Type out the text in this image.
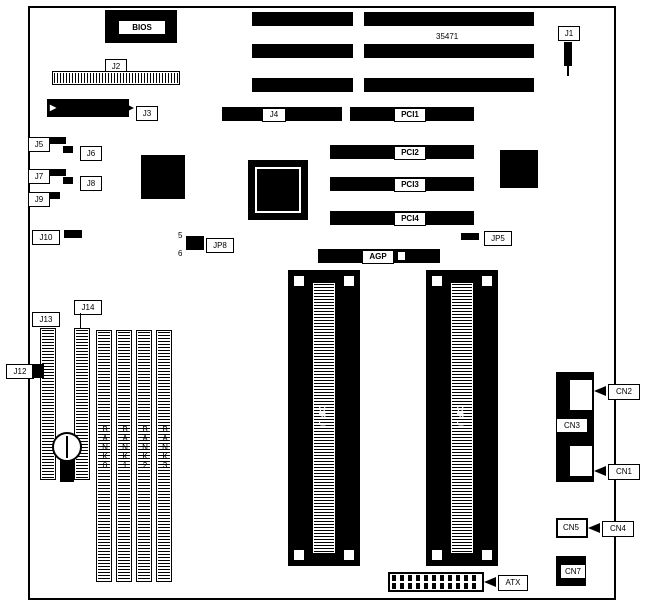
BIOS
35471	J1
J2
▶
J3	J4	PCI1
PCI2
PCI3
PCI4
J5
J6
J7
J8
J9
J10	5
6
JP8
JP5
AGP
CPU	CPU
J13
J14
J12
BANK0 BANK1 BANK2 BANK3	CN3
CN2
CN1
CN5	CN4
CN7
ATX
